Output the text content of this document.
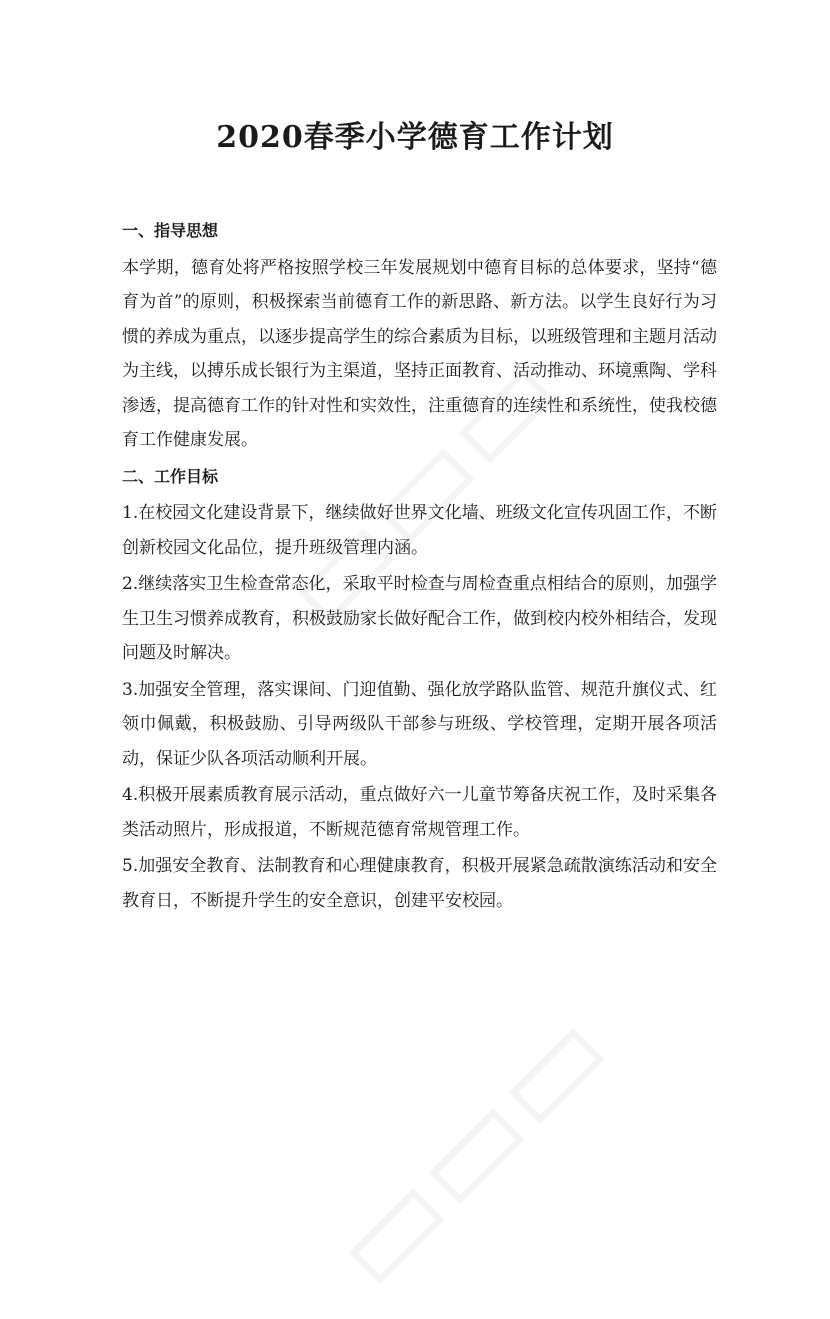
2020春季小学德育工作计划

一、指导思想

本学期，德育处将严格按照学校三年发展规划中德育目标的总体要求，坚持“德育为首”的原则，积极探索当前德育工作的新思路、新方法。以学生良好行为习惯的养成为重点，以逐步提高学生的综合素质为目标，以班级管理和主题月活动为主线，以搏乐成长银行为主渠道，坚持正面教育、活动推动、环境熏陶、学科渗透，提高德育工作的针对性和实效性，注重德育的连续性和系统性，使我校德育工作健康发展。

二、工作目标

1.在校园文化建设背景下，继续做好世界文化墙、班级文化宣传巩固工作，不断创新校园文化品位，提升班级管理内涵。

2.继续落实卫生检查常态化，采取平时检查与周检查重点相结合的原则，加强学生卫生习惯养成教育，积极鼓励家长做好配合工作，做到校内校外相结合，发现问题及时解决。

3.加强安全管理，落实课间、门迎值勤、强化放学路队监管、规范升旗仪式、红领巾佩戴，积极鼓励、引导两级队干部参与班级、学校管理，定期开展各项活动，保证少队各项活动顺利开展。

4.积极开展素质教育展示活动，重点做好六一儿童节筹备庆祝工作，及时采集各类活动照片，形成报道，不断规范德育常规管理工作。

5.加强安全教育、法制教育和心理健康教育，积极开展紧急疏散演练活动和安全教育日，不断提升学生的安全意识，创建平安校园。
